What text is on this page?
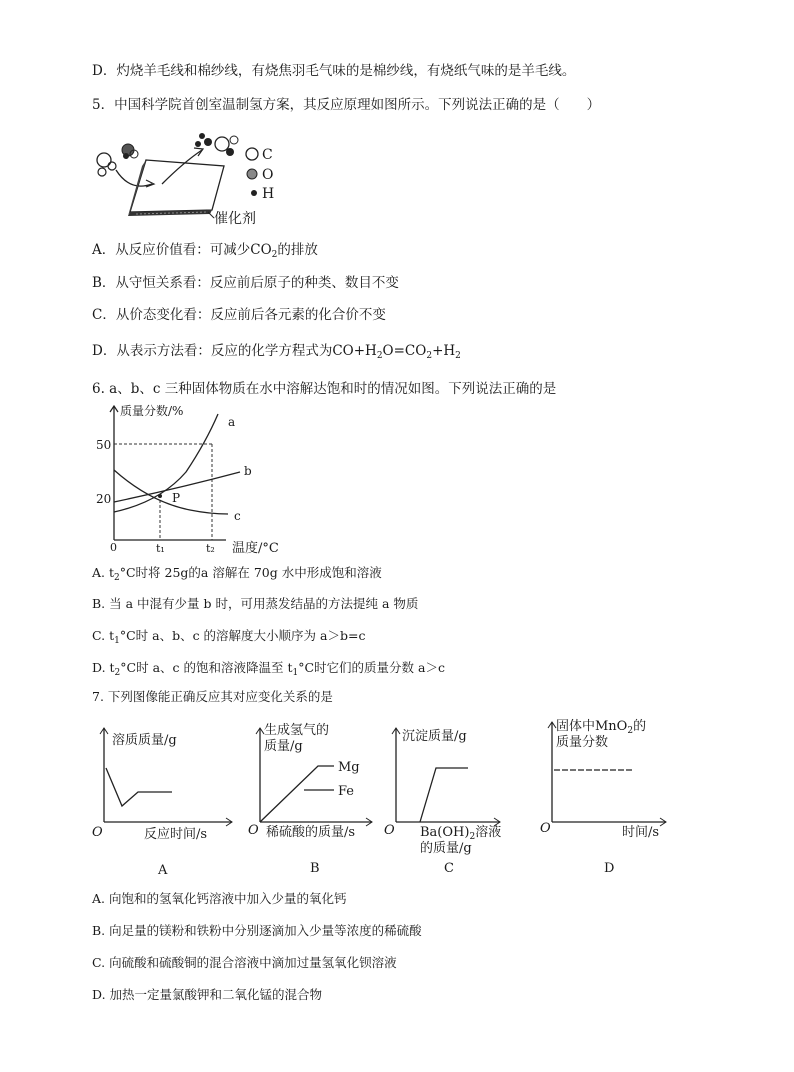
D．灼烧羊毛线和棉纱线，有烧焦羽毛气味的是棉纱线，有烧纸气味的是羊毛线。
5．中国科学院首创室温制氢方案，其反应原理如图所示。下列说法正确的是（　　）
C
O
H
催化剂
A．从反应价值看：可减少$CO_2$的排放
B．从守恒关系看：反应前后原子的种类、数目不变
C．从价态变化看：反应前后各元素的化合价不变
D．从表示方法看：反应的化学方程式为$CO+H_2O=CO_2+H_2$
6. a、b、c 三种固体物质在水中溶解达饱和时的情况如图。下列说法正确的是
质量分数/%
温度/°C
50
20
0	t₁	t₂
P
a
b
c
A. $t_2^\circ C$时将 25g的a 溶解在 70g 水中形成饱和溶液
B. 当 a 中混有少量 b 时，可用蒸发结晶的方法提纯 a 物质
C. $t_1^\circ C$时 a、b、c 的溶解度大小顺序为 a＞b=c
D. $t_2^\circ C$时 a、c 的饱和溶液降温至 $t_1^\circ C$时它们的质量分数 a＞c
7. 下列图像能正确反应其对应变化关系的是
溶质质量/g
O	反应时间/s
A
生成氢气的
质量/g
O 稀硫酸的质量/s
Mg
Fe
B
沉淀质量/g
O $Ba(OH)_2$溶液
的质量/g
C
固体中MnO$_2$的
质量分数
O	时间/s
D
A. 向饱和的氢氧化钙溶液中加入少量的氧化钙
B. 向足量的镁粉和铁粉中分别逐滴加入少量等浓度的稀硫酸
C. 向硫酸和硫酸铜的混合溶液中滴加过量氢氧化钡溶液
D. 加热一定量氯酸钾和二氧化锰的混合物
